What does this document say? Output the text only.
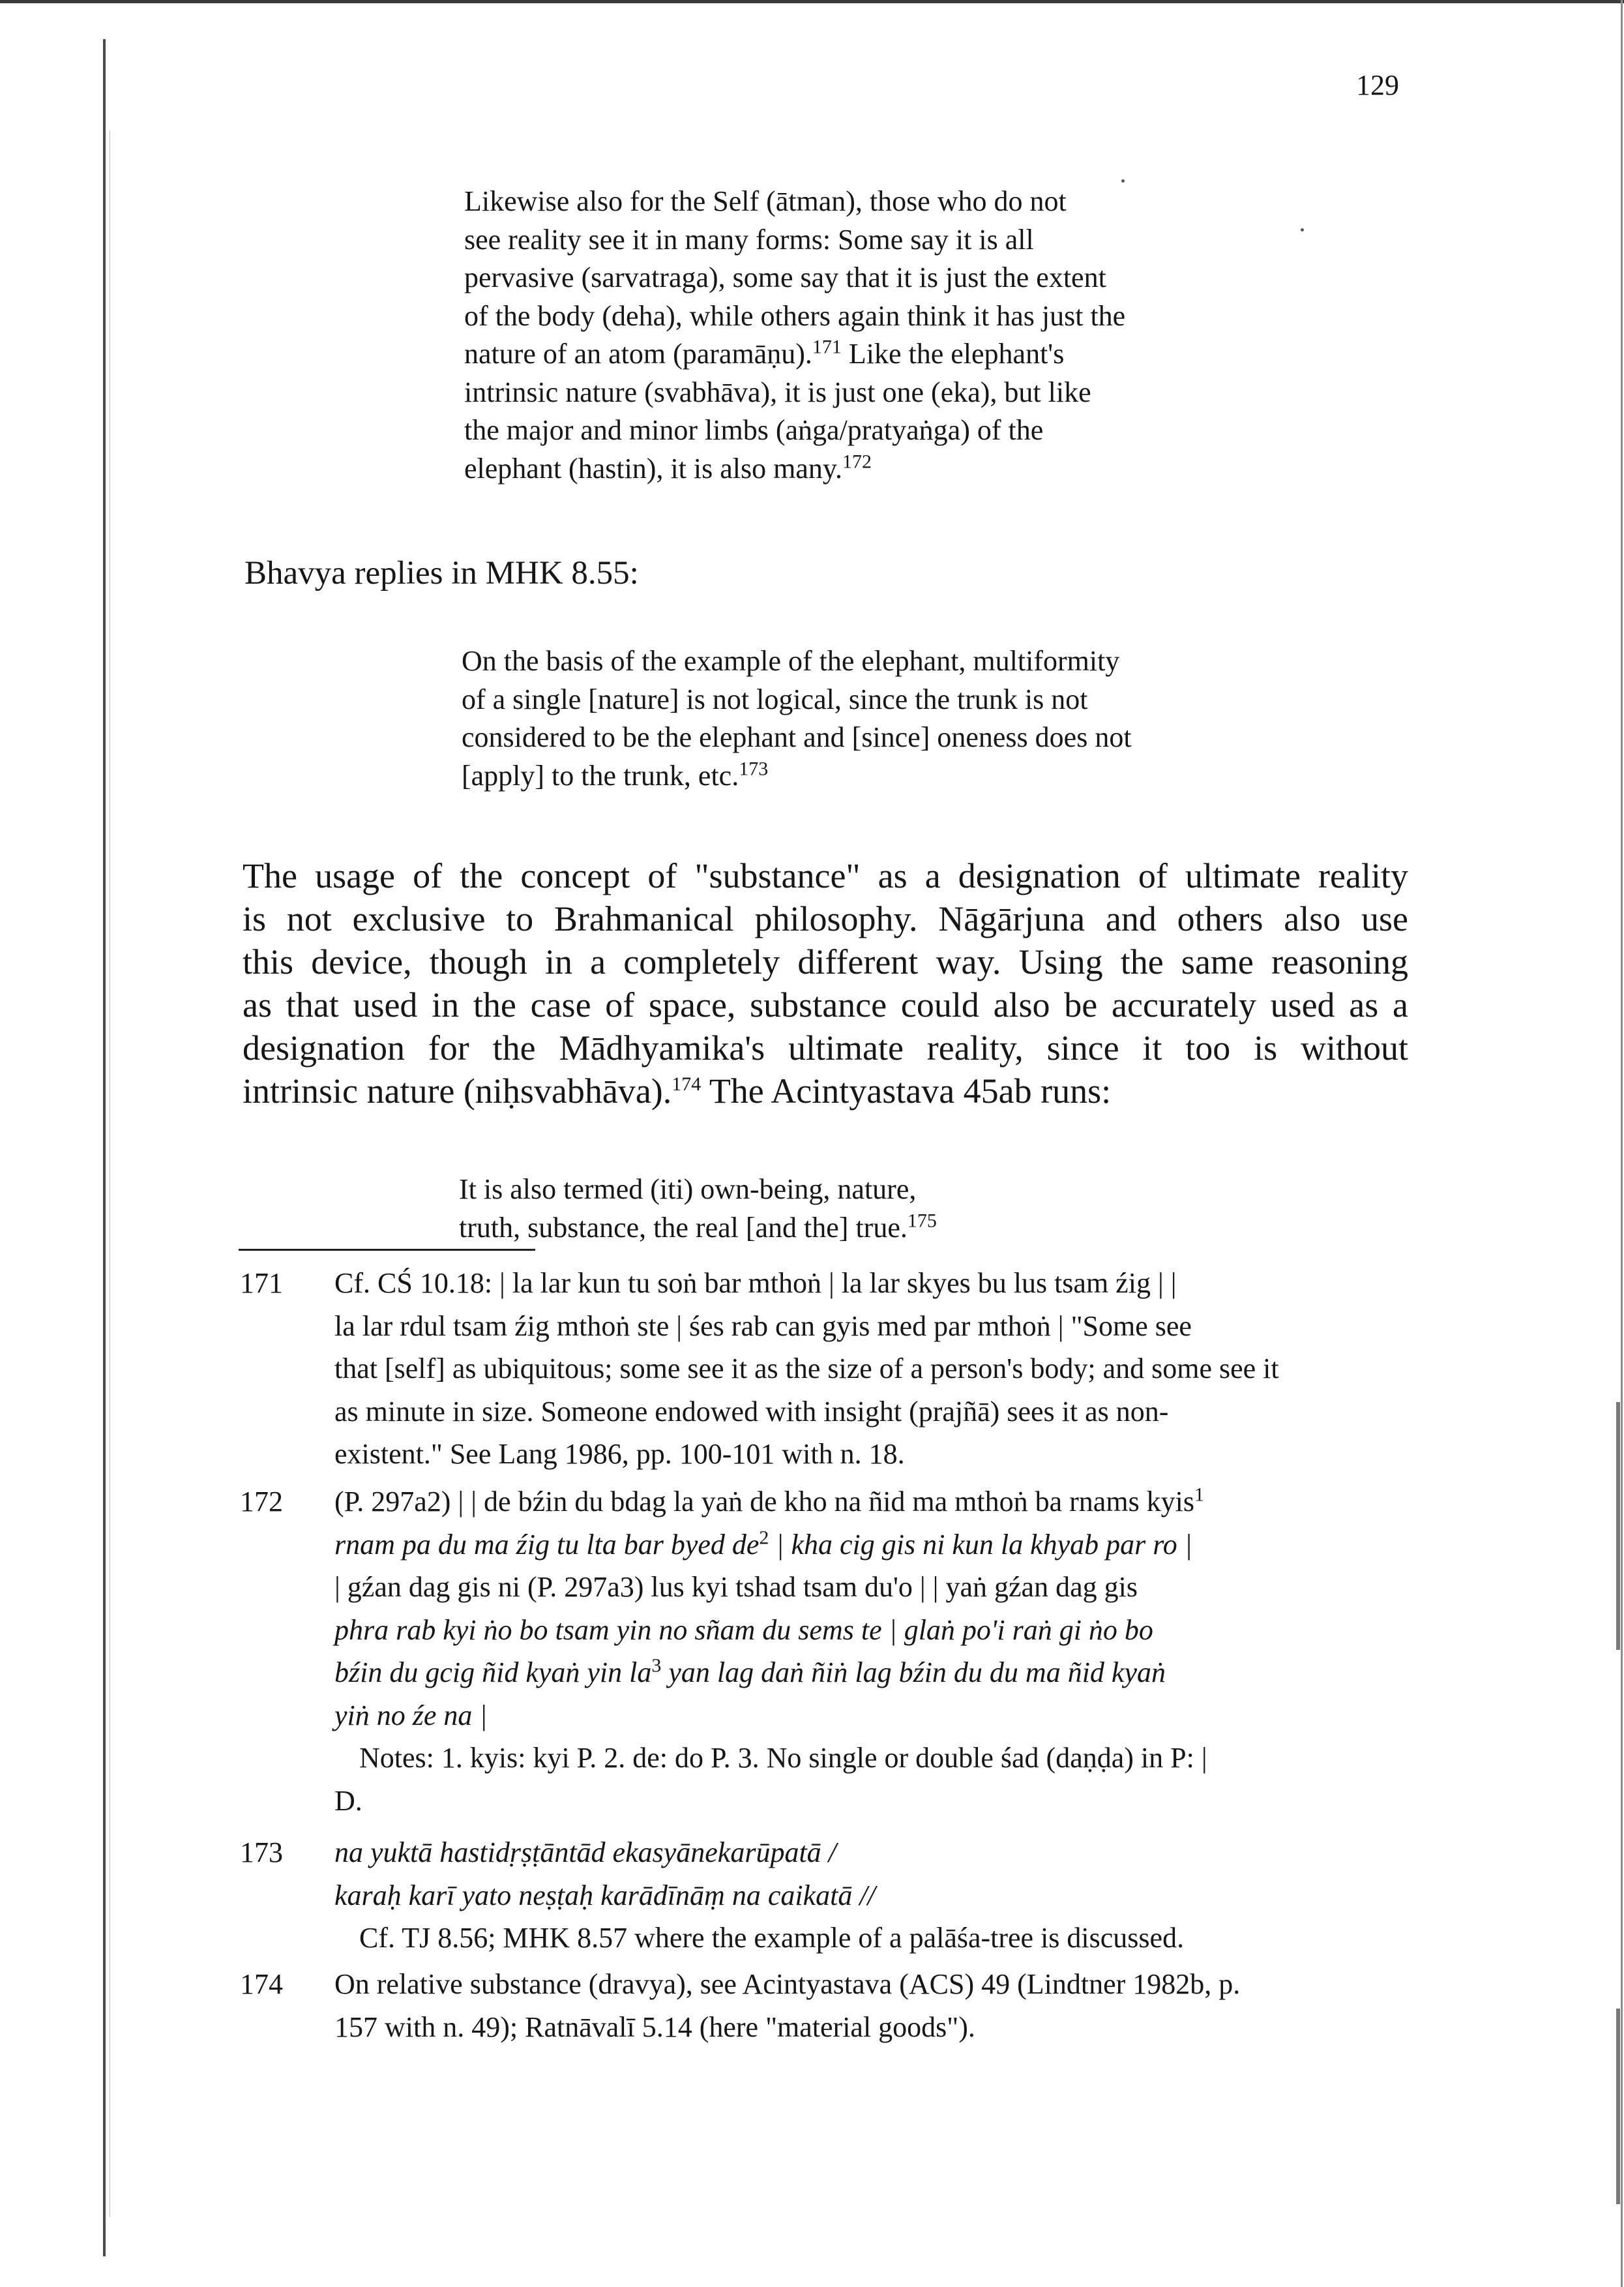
129
Likewise also for the Self (ātman), those who do not
see reality see it in many forms: Some say it is all
pervasive (sarvatraga), some say that it is just the extent
of the body (deha), while others again think it has just the
nature of an atom (paramāṇu).$^{171}$ Like the elephant's
intrinsic nature (svabhāva), it is just one (eka), but like
the major and minor limbs (aṅga/pratyaṅga) of the
elephant (hastin), it is also many.$^{172}$
Bhavya replies in MHK 8.55:
On the basis of the example of the elephant, multiformity
of a single [nature] is not logical, since the trunk is not
considered to be the elephant and [since] oneness does not
[apply] to the trunk, etc.$^{173}$
The usage of the concept of "substance" as a designation of ultimate reality
is not exclusive to Brahmanical philosophy. Nāgārjuna and others also use
this device, though in a completely different way. Using the same reasoning
as that used in the case of space, substance could also be accurately used as a
designation for the Mādhyamika's ultimate reality, since it too is without
intrinsic nature (niḥsvabhāva).$^{174}$ The Acintyastava 45ab runs:
It is also termed (iti) own-being, nature,
truth, substance, the real [and the] true.$^{175}$
171 Cf. CŚ 10.18: | la lar kun tu soṅ bar mthoṅ | la lar skyes bu lus tsam źig | |
la lar rdul tsam źig mthoṅ ste | śes rab can gyis med par mthoṅ | "Some see
that [self] as ubiquitous; some see it as the size of a person's body; and some see it
as minute in size. Someone endowed with insight (prajñā) sees it as non-
existent." See Lang 1986, pp. 100-101 with n. 18.
172 (P. 297a2) | | de bźin du bdag la yaṅ de kho na ñid ma mthoṅ ba rnams kyis$^1$
rnam pa du ma źig tu lta bar byed $de^2$ | kha cig gis ni kun la khyab par ro |
| gźan dag gis ni (P. 297a3) lus kyi tshad tsam du'o | | yaṅ gźan dag gis
phra rab kyi ṅo bo tsam yin no sñam du sems te | glaṅ po'i raṅ gi ṅo bo
bźin du gcig ñid kyaṅ yin $la^3$ yan lag daṅ ñiṅ lag bźin du du ma ñid kyaṅ
yiṅ no źe na |
Notes: 1. kyis: kyi P. 2. de: do P. 3. No single or double śad (daṇḍa) in P: |
D.
173 na yuktā hastidṛṣṭāntād ekasyānekarūpatā /
karaḥ karī yato neṣṭaḥ karādīnāṃ na caikatā //
Cf. TJ 8.56; MHK 8.57 where the example of a palāśa-tree is discussed.
174 On relative substance (dravya), see Acintyastava (ACS) 49 (Lindtner 1982b, p.
157 with n. 49); Ratnāvalī 5.14 (here "material goods").
